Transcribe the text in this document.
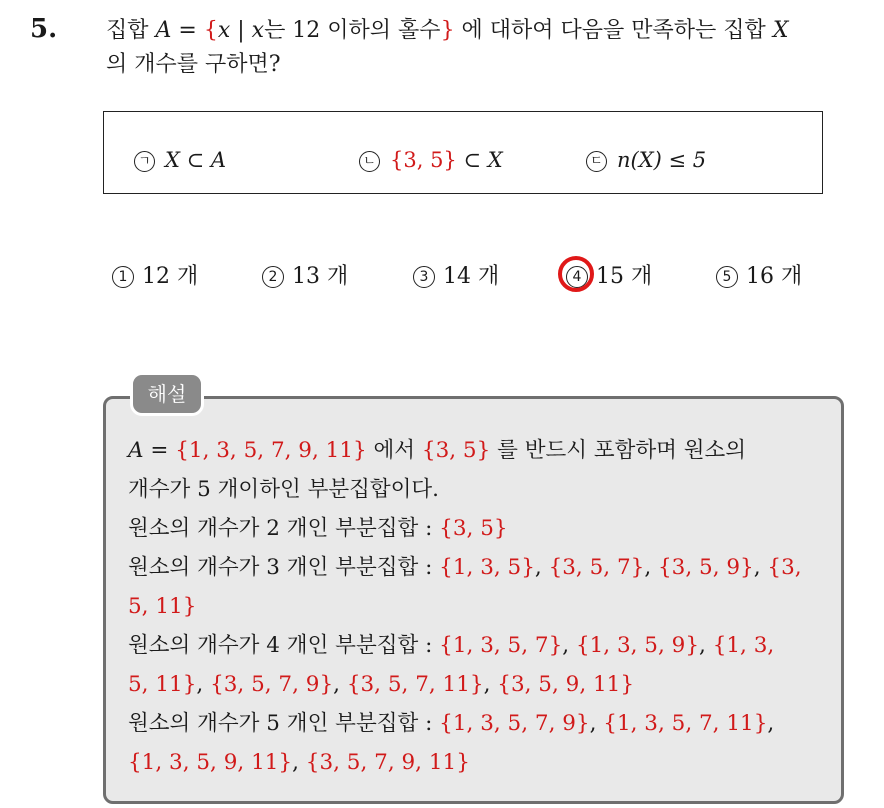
5. 집합 A = {x | x는 12 이하의 홀수} 에 대하여 다음을 만족하는 집합 X
의 개수를 구하면?
ㄱ X ⊂ A	ㄴ {3, 5} ⊂ X	ㄷ n(X) ≤ 5
1 12 개	2 13 개	3 14 개	4 15 개	5 16 개
해설
A = {1, 3, 5, 7, 9, 11} 에서 {3, 5} 를 반드시 포함하며 원소의
개수가 5 개이하인 부분집합이다.
원소의 개수가 2 개인 부분집합 : {3, 5}
원소의 개수가 3 개인 부분집합 : {1, 3, 5}, {3, 5, 7}, {3, 5, 9}, {3,
5, 11}
원소의 개수가 4 개인 부분집합 : {1, 3, 5, 7}, {1, 3, 5, 9}, {1, 3,
5, 11}, {3, 5, 7, 9}, {3, 5, 7, 11}, {3, 5, 9, 11}
원소의 개수가 5 개인 부분집합 : {1, 3, 5, 7, 9}, {1, 3, 5, 7, 11},
{1, 3, 5, 9, 11}, {3, 5, 7, 9, 11}
